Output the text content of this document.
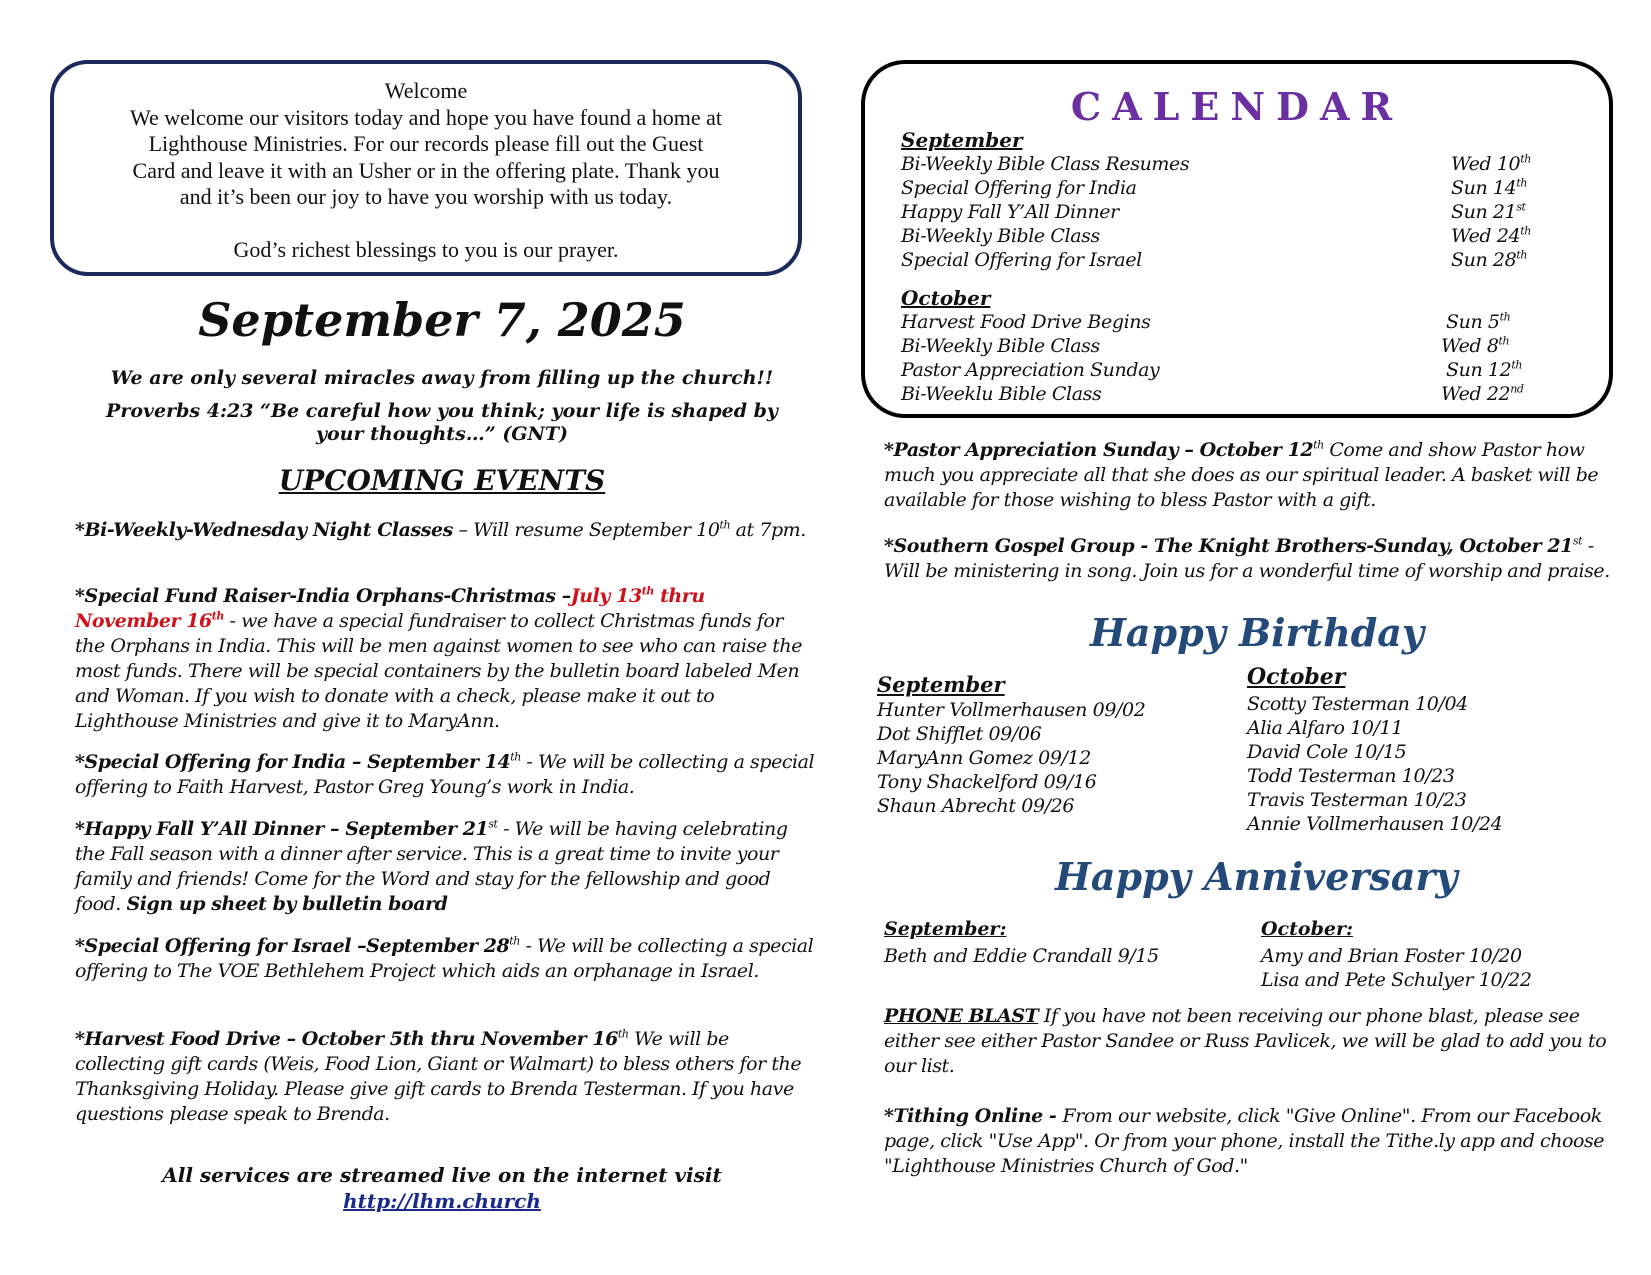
Welcome
We welcome our visitors today and hope you have found a home at
Lighthouse Ministries. For our records please fill out the Guest
Card and leave it with an Usher or in the offering plate. Thank you
and it’s been our joy to have you worship with us today.
God’s richest blessings to you is our prayer.
September 7, 2025
We are only several miracles away from filling up the church!!
Proverbs 4:23 “Be careful how you think; your life is shaped by
your thoughts…” (GNT)
UPCOMING EVENTS
*Bi-Weekly-Wednesday Night Classes – Will resume September 10th at 7pm.
*Special Fund Raiser-India Orphans-Christmas –July 13th thru November 16th - we have a special fundraiser to collect Christmas funds for the Orphans in India. This will be men against women to see who can raise the most funds. There will be special containers by the bulletin board labeled Men and Woman. If you wish to donate with a check, please make it out to Lighthouse Ministries and give it to MaryAnn.
*Special Offering for India – September 14th - We will be collecting a special offering to Faith Harvest, Pastor Greg Young’s work in India.
*Happy Fall Y’All Dinner – September 21st - We will be having celebrating the Fall season with a dinner after service. This is a great time to invite your family and friends! Come for the Word and stay for the fellowship and good food. Sign up sheet by bulletin board
*Special Offering for Israel –September 28th - We will be collecting a special offering to The VOE Bethlehem Project which aids an orphanage in Israel.
*Harvest Food Drive – October 5th thru November 16th We will be collecting gift cards (Weis, Food Lion, Giant or Walmart) to bless others for the Thanksgiving Holiday. Please give gift cards to Brenda Testerman. If you have questions please speak to Brenda.
All services are streamed live on the internet visit
http://lhm.church
CALENDAR
September
Bi-Weekly Bible Class Resumes	Wed 10th
Special Offering for India	Sun 14th
Happy Fall Y’All Dinner	Sun 21st
Bi-Weekly Bible Class	Wed 24th
Special Offering for Israel	Sun 28th
October
Harvest Food Drive Begins	Sun 5th
Bi-Weekly Bible Class	Wed 8th
Pastor Appreciation Sunday	Sun 12th
Bi-Weeklu Bible Class	Wed 22nd
*Pastor Appreciation Sunday – October 12th Come and show Pastor how much you appreciate all that she does as our spiritual leader. A basket will be available for those wishing to bless Pastor with a gift.
*Southern Gospel Group - The Knight Brothers-Sunday, October 21st - Will be ministering in song. Join us for a wonderful time of worship and praise.
Happy Birthday
September
Hunter Vollmerhausen 09/02
Dot Shifflet 09/06
MaryAnn Gomez 09/12
Tony Shackelford 09/16
Shaun Abrecht 09/26
October
Scotty Testerman 10/04
Alia Alfaro 10/11
David Cole 10/15
Todd Testerman 10/23
Travis Testerman 10/23
Annie Vollmerhausen 10/24
Happy Anniversary
September:
Beth and Eddie Crandall 9/15
October:
Amy and Brian Foster 10/20
Lisa and Pete Schulyer 10/22
PHONE BLAST If you have not been receiving our phone blast, please see either see either Pastor Sandee or Russ Pavlicek, we will be glad to add you to our list.
*Tithing Online - From our website, click "Give Online". From our Facebook page, click "Use App". Or from your phone, install the Tithe.ly app and choose "Lighthouse Ministries Church of God."
